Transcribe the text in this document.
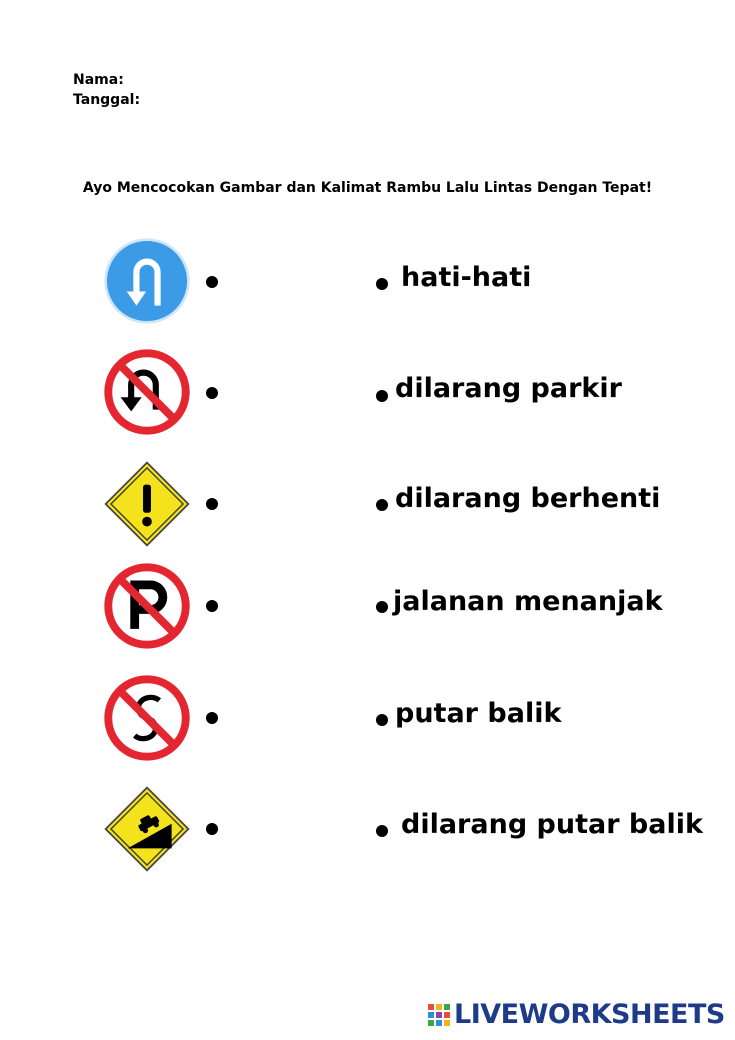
Nama:
Tanggal:
Ayo Mencocokan Gambar dan Kalimat Rambu Lalu Lintas Dengan Tepat!
hati-hati
dilarang parkir
dilarang berhenti
jalanan menanjak
putar balik
dilarang putar balik
LIVEWORKSHEETS
